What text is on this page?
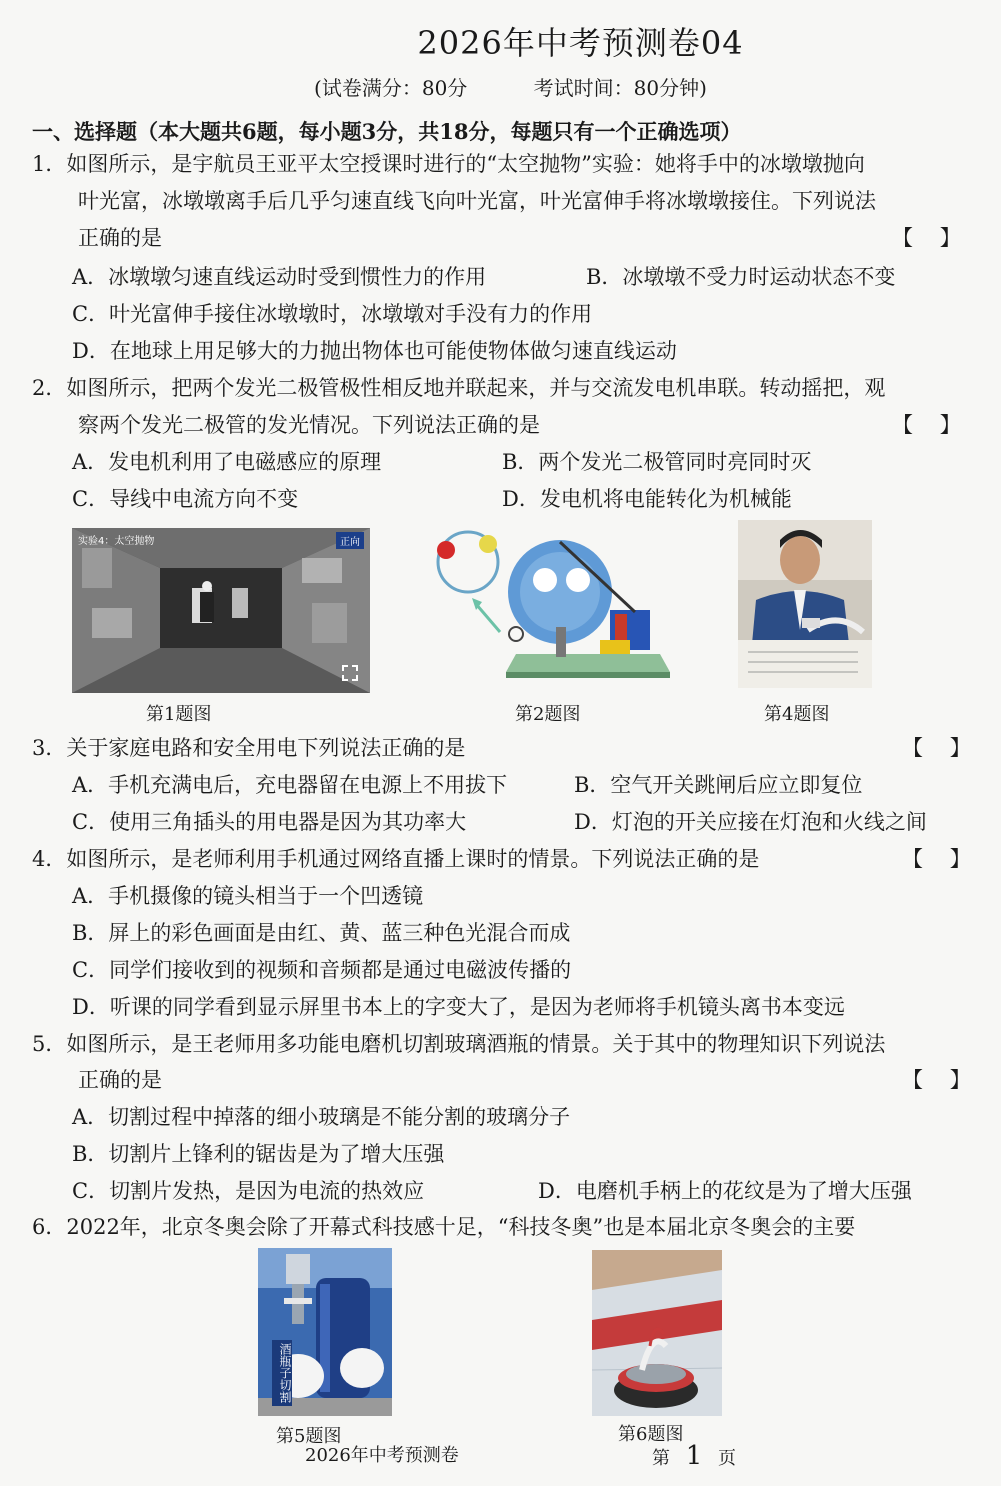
2026年中考预测卷04
(试卷满分：80分	考试时间：80分钟)
一、选择题（本大题共6题，每小题3分，共18分，每题只有一个正确选项）
1．如图所示，是宇航员王亚平太空授课时进行的“太空抛物”实验：她将手中的冰墩墩抛向
叶光富，冰墩墩离手后几乎匀速直线飞向叶光富，叶光富伸手将冰墩墩接住。下列说法
正确的是	【    】
A．冰墩墩匀速直线运动时受到惯性力的作用	B．冰墩墩不受力时运动状态不变
C．叶光富伸手接住冰墩墩时，冰墩墩对手没有力的作用
D．在地球上用足够大的力抛出物体也可能使物体做匀速直线运动
2．如图所示，把两个发光二极管极性相反地并联起来，并与交流发电机串联。转动摇把，观
察两个发光二极管的发光情况。下列说法正确的是	【    】
A．发电机利用了电磁感应的原理	B．两个发光二极管同时亮同时灭
C．导线中电流方向不变	D．发电机将电能转化为机械能
实验4：太空抛物	正向
第1题图	第2题图	第4题图
3．关于家庭电路和安全用电下列说法正确的是	【    】
A．手机充满电后，充电器留在电源上不用拔下	B．空气开关跳闸后应立即复位
C．使用三角插头的用电器是因为其功率大	D．灯泡的开关应接在灯泡和火线之间
4．如图所示，是老师利用手机通过网络直播上课时的情景。下列说法正确的是	【    】
A．手机摄像的镜头相当于一个凹透镜
B．屏上的彩色画面是由红、黄、蓝三种色光混合而成
C．同学们接收到的视频和音频都是通过电磁波传播的
D．听课的同学看到显示屏里书本上的字变大了，是因为老师将手机镜头离书本变远
5．如图所示，是王老师用多功能电磨机切割玻璃酒瓶的情景。关于其中的物理知识下列说法
正确的是	【    】
A．切割过程中掉落的细小玻璃是不能分割的玻璃分子
B．切割片上锋利的锯齿是为了增大压强
C．切割片发热，是因为电流的热效应	D．电磨机手柄上的花纹是为了增大压强
6．2022年，北京冬奥会除了开幕式科技感十足，“科技冬奥”也是本届北京冬奥会的主要
酒瓶子切割
第5题图	第6题图
2026年中考预测卷	第 1 页
